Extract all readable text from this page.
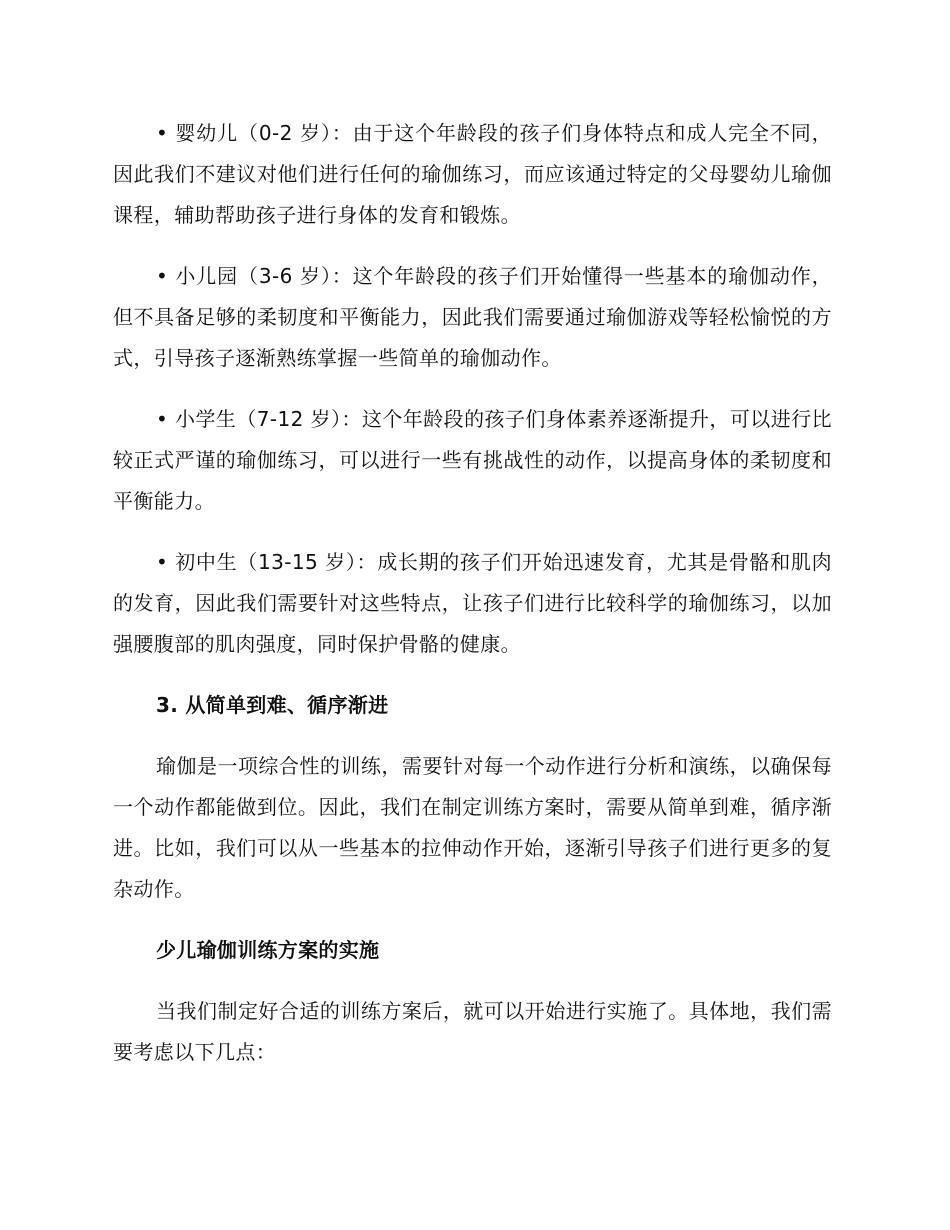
• 婴幼儿（0-2 岁）：由于这个年龄段的孩子们身体特点和成人完全不同，因此我们不建议对他们进行任何的瑜伽练习，而应该通过特定的父母婴幼儿瑜伽课程，辅助帮助孩子进行身体的发育和锻炼。

• 小儿园（3-6 岁）：这个年龄段的孩子们开始懂得一些基本的瑜伽动作，但不具备足够的柔韧度和平衡能力，因此我们需要通过瑜伽游戏等轻松愉悦的方式，引导孩子逐渐熟练掌握一些简单的瑜伽动作。

• 小学生（7-12 岁）：这个年龄段的孩子们身体素养逐渐提升，可以进行比较正式严谨的瑜伽练习，可以进行一些有挑战性的动作，以提高身体的柔韧度和平衡能力。

• 初中生（13-15 岁）：成长期的孩子们开始迅速发育，尤其是骨骼和肌肉的发育，因此我们需要针对这些特点，让孩子们进行比较科学的瑜伽练习，以加强腰腹部的肌肉强度，同时保护骨骼的健康。

3. 从简单到难、循序渐进

瑜伽是一项综合性的训练，需要针对每一个动作进行分析和演练，以确保每一个动作都能做到位。因此，我们在制定训练方案时，需要从简单到难，循序渐进。比如，我们可以从一些基本的拉伸动作开始，逐渐引导孩子们进行更多的复杂动作。

少儿瑜伽训练方案的实施

当我们制定好合适的训练方案后，就可以开始进行实施了。具体地，我们需要考虑以下几点：
